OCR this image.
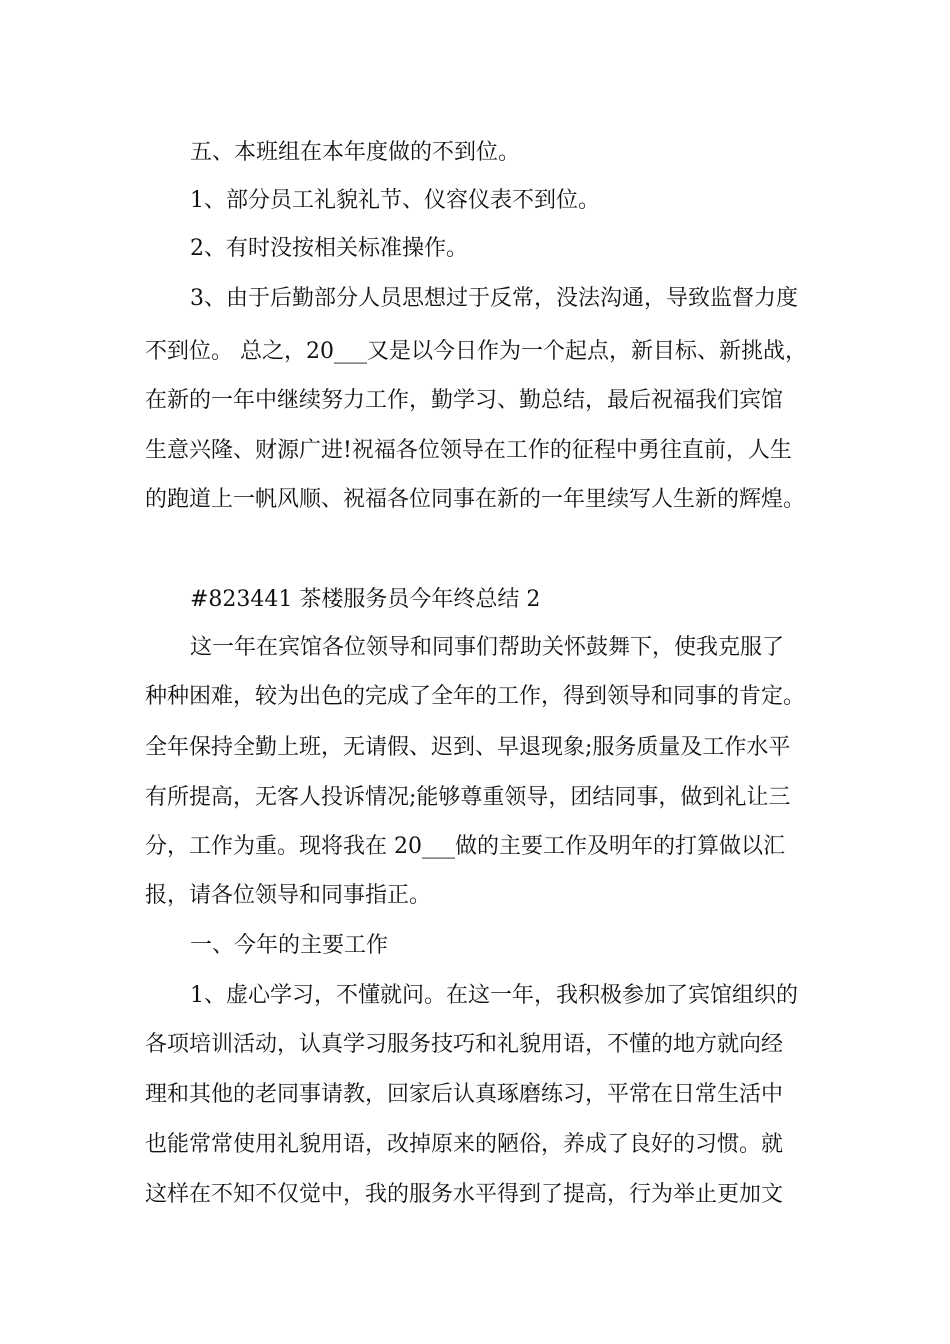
五、本班组在本年度做的不到位。
1、部分员工礼貌礼节、仪容仪表不到位。
2、有时没按相关标准操作。
3、由于后勤部分人员思想过于反常，没法沟通，导致监督力度
不到位。 总之，20___又是以今日作为一个起点，新目标、新挑战，
在新的一年中继续努力工作，勤学习、勤总结，最后祝福我们宾馆
生意兴隆、财源广进!祝福各位领导在工作的征程中勇往直前，人生
的跑道上一帆风顺、祝福各位同事在新的一年里续写人生新的辉煌。
#823441 茶楼服务员今年终总结 2
这一年在宾馆各位领导和同事们帮助关怀鼓舞下，使我克服了
种种困难，较为出色的完成了全年的工作，得到领导和同事的肯定。
全年保持全勤上班，无请假、迟到、早退现象;服务质量及工作水平
有所提高，无客人投诉情况;能够尊重领导，团结同事，做到礼让三
分，工作为重。现将我在 20___做的主要工作及明年的打算做以汇
报，请各位领导和同事指正。
一、今年的主要工作
1、虚心学习，不懂就问。在这一年，我积极参加了宾馆组织的
各项培训活动，认真学习服务技巧和礼貌用语，不懂的地方就向经
理和其他的老同事请教，回家后认真琢磨练习，平常在日常生活中
也能常常使用礼貌用语，改掉原来的陋俗，养成了良好的习惯。就
这样在不知不仅觉中，我的服务水平得到了提高，行为举止更加文
